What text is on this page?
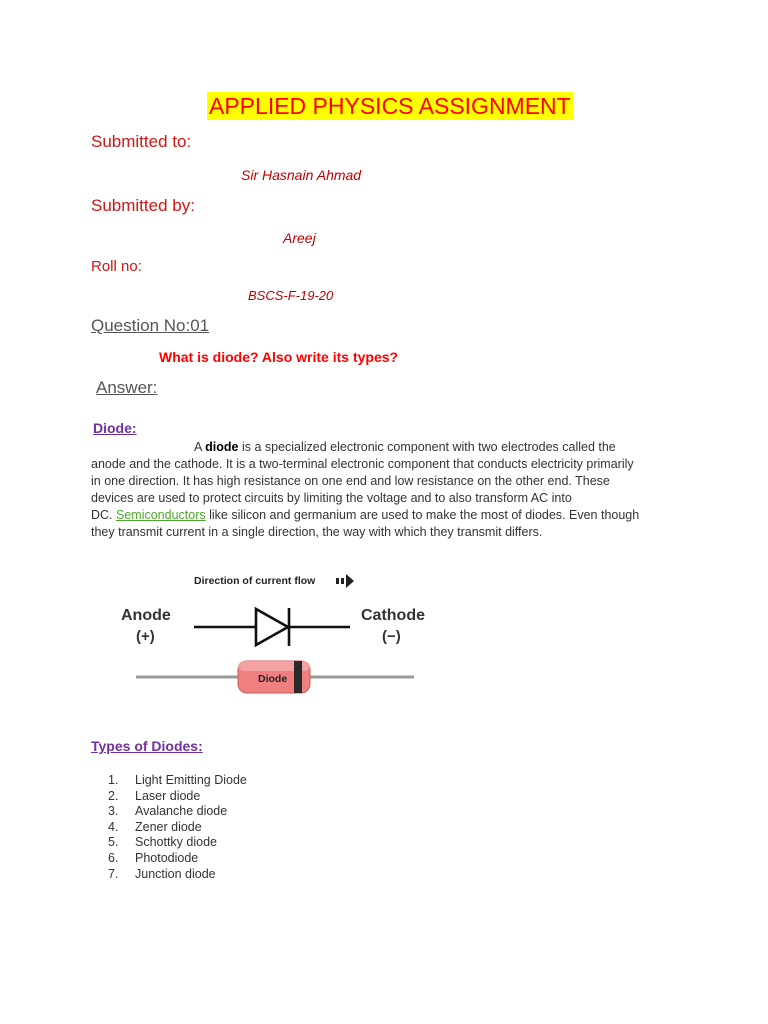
APPLIED PHYSICS ASSIGNMENT
Submitted to:
Sir Hasnain Ahmad
Submitted by:
Areej
Roll no:
BSCS-F-19-20
Question No:01
What is diode? Also write its types?
Answer:
Diode:
A diode is a specialized electronic component with two electrodes called the
anode and the cathode. It is a two-terminal electronic component that conducts electricity primarily
in one direction. It has high resistance on one end and low resistance on the other end. These
devices are used to protect circuits by limiting the voltage and to also transform AC into
DC. Semiconductors like silicon and germanium are used to make the most of diodes. Even though
they transmit current in a single direction, the way with which they transmit differs.
Direction of current flow
Anode
(+)
Cathode
(−)
Diode
Types of Diodes:
1. Light Emitting Diode
2. Laser diode
3. Avalanche diode
4. Zener diode
5. Schottky diode
6. Photodiode
7. Junction diode
